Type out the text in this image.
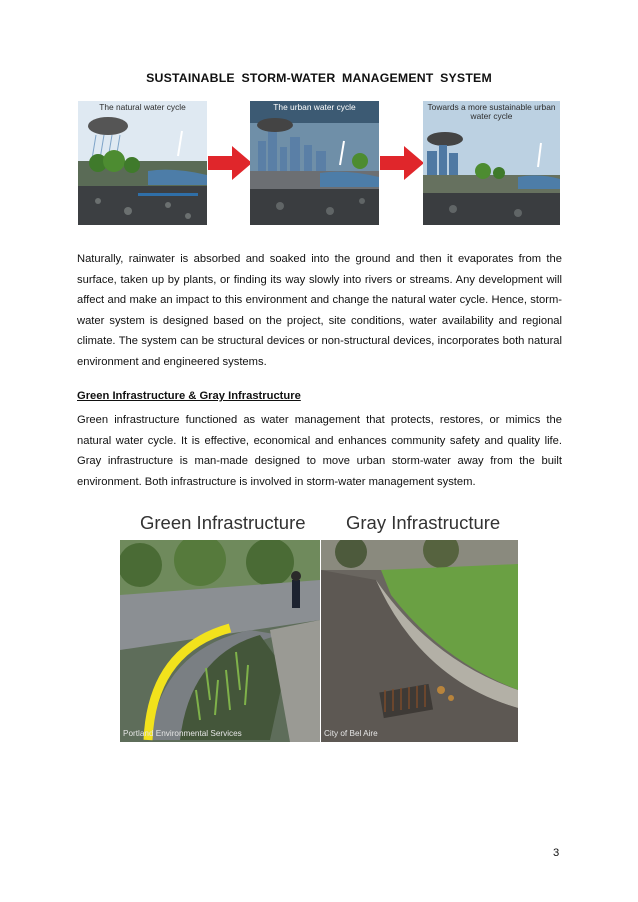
SUSTAINABLE STORM-WATER MANAGEMENT SYSTEM
The natural water cycle	The urban water cycle	Towards a more sustainable urban water cycle
Naturally, rainwater is absorbed and soaked into the ground and then it evaporates from the surface, taken up by plants, or finding its way slowly into rivers or streams. Any development will affect and make an impact to this environment and change the natural water cycle. Hence, storm-water system is designed based on the project, site conditions, water availability and regional climate. The system can be structural devices or non-structural devices, incorporates both natural environment and engineered systems.
Green Infrastructure & Gray Infrastructure
Green infrastructure functioned as water management that protects, restores, or mimics the natural water cycle. It is effective, economical and enhances community safety and quality life. Gray infrastructure is man-made designed to move urban storm-water away from the built environment. Both infrastructure is involved in storm-water management system.
Green Infrastructure Gray Infrastructure
Portland Environmental Services	City of Bel Aire
3
